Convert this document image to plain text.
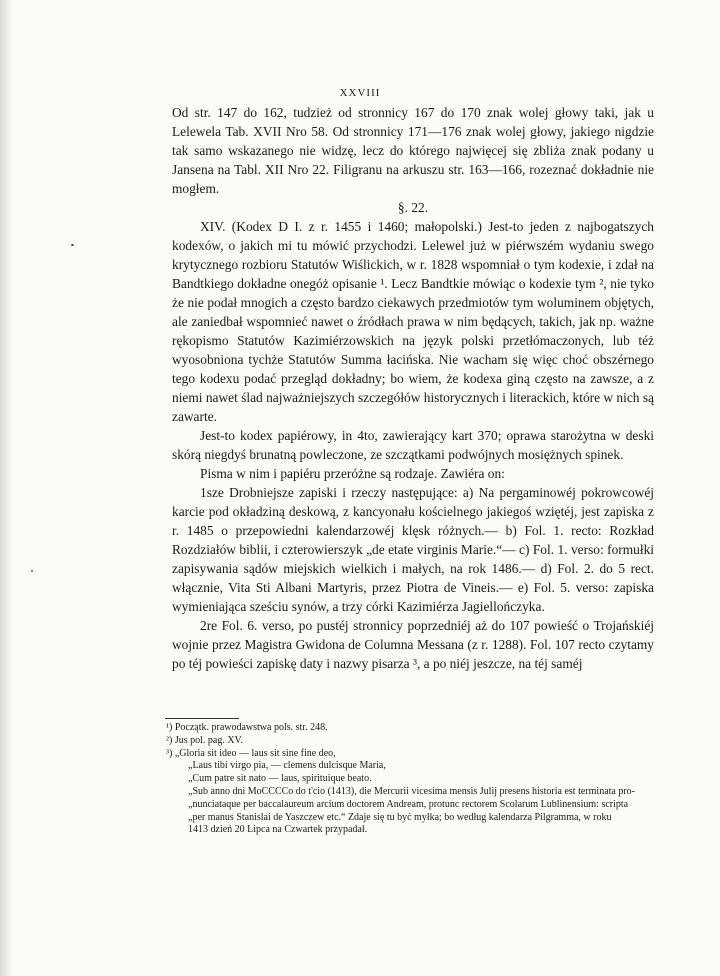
XXVIII

Od str. 147 do 162, tudzież od stronnicy 167 do 170 znak wolej głowy taki, jak u Lelewela Tab. XVII Nro 58. Od stronnicy 171—176 znak wolej głowy, jakiego nigdzie tak samo wskazanego nie widzę, lecz do którego najwięcej się zbliża znak podany u Jansena na Tabl. XII Nro 22. Filigranu na arkuszu str. 163—166, rozeznać dokładnie nie mogłem.

§. 22.

XIV. (Kodex D I. z r. 1455 i 1460; małopolski.) Jest-to jeden z najbogatszych kodexów, o jakich mi tu mówić przychodzi. Lelewel już w piérwszém wydaniu swego krytycznego rozbioru Statutów Wiślickich, w r. 1828 wspomniał o tym kodexie, i zdał na Bandtkiego dokładne onegóż opisanie ¹. Lecz Bandtkie mówiąc o kodexie tym ², nie tyko że nie podał mnogich a często bardzo ciekawych przedmiotów tym woluminem objętych, ale zaniedbał wspomnieć nawet o źródłach prawa w nim będących, takich, jak np. ważne rękopismo Statutów Kazimiérzowskich na język polski przetłómaczonych, lub téż wyosobniona tychże Statutów Summa łacińska. Nie wacham się więc choć obszérnego tego kodexu podać przegląd dokładny; bo wiem, że kodexa giną często na zawsze, a z niemi nawet ślad najważniejszych szczegółów historycznych i literackich, które w nich są zawarte.

Jest-to kodex papiérowy, in 4to, zawierający kart 370; oprawa starożytna w deski skórą niegdyś brunatną powleczone, ze szczątkami podwójnych mosiężnych spinek.

Pisma w nim i papiéru przeróżne są rodzaje. Zawiéra on:

1szе Drobniejsze zapiski i rzeczy następujące: a) Na pergaminowéj pokrowcowéj karcie pod okładziną deskową, z kancyonału kościelnego jakiegoś wziętéj, jest zapiska z r. 1485 o przepowiedni kalendarzowéj klęsk różnych.— b) Fol. 1. recto: Rozkład Rozdziałów biblii, i czterowierszyk „de etate virginis Marie.“— c) Fol. 1. verso: formułki zapisywania sądów miejskich wielkich i małych, na rok 1486.— d) Fol. 2. do 5 rect. włącznie, Vita Sti Albani Martyris, przez Piotra de Vineis.— e) Fol. 5. verso: zapiska wymieniająca sześciu synów, a trzy córki Kazimiérza Jagiellończyka.

2re Fol. 6. verso, po pustéj stronnicy poprzedniéj aż do 107 powieść o Trojańskiéj wojnie przez Magistra Gwidona de Columna Messana (z r. 1288). Fol. 107 recto czytamy po téj powieści zapiskę daty i nazwy pisarza ³, a po niéj jeszcze, na téj saméj

¹) Początk. prawodawstwa pols. str. 248.
²) Jus pol. pag. XV.
³) „Gloria sit ideo — laus sit sine fine deo,
„Laus tibi virgo pia, — clemens dulcisque Maria,
„Cum patre sit nato — laus, spirituique beato.
„Sub anno dni MoCCCCo do t'cio (1413), die Mercurii vicesima mensis Julij presens historia est terminata pro-
„nunciataque per baccalaureum arcium doctorem Andream, protunc rectorem Scolarum Lublinensium: scripta
„per manus Stanislai de Yaszczew etc.“ Zdaje się tu być myłka; bo według kalendarza Pilgramma, w roku
1413 dzień 20 Lipca na Czwartek przypadał.
